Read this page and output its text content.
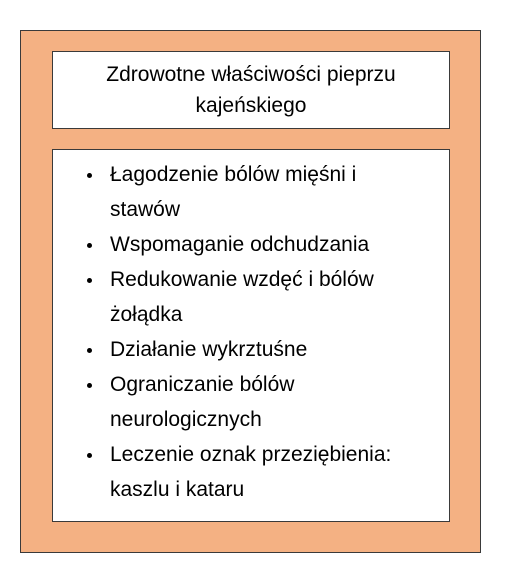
Zdrowotne właściwości pieprzu kajeńskiego
Łagodzenie bólów mięśni i stawów
Wspomaganie odchudzania
Redukowanie wzdęć i bólów żołądka
Działanie wykrztuśne
Ograniczanie bólów neurologicznych
Leczenie oznak przeziębienia: kaszlu i kataru
